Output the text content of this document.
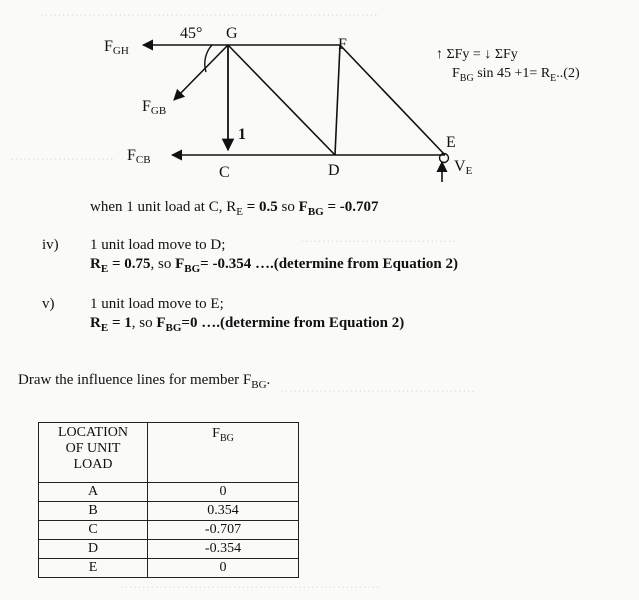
……………………………………………………………………
……………………
………………………………
………………………………………
……………………………………………………
FGH
45° G
F
FGB
1
FCB
C	D
E
VE
↑ ΣFy = ↓ ΣFy
$F_{BG}$ $\sin 45 +1= R_E..(2)$
when 1 unit load at C, $R_E = 0.5$ so $F_{BG} = -0.707$
iv) 1 unit load move to D;
$R_E = 0.75$, so $F_{BG}= -0.354$ ….(determine from Equation 2)
v) 1 unit load move to E;
$R_E = 1$, so $F_{BG}=0$ ….(determine from Equation 2)
Draw the influence lines for member $F_{BG}$.
LOCATION
OF UNIT
LOAD	$F_{BG}$
A	0
B	0.354
C	-0.707
D	-0.354
E	0
